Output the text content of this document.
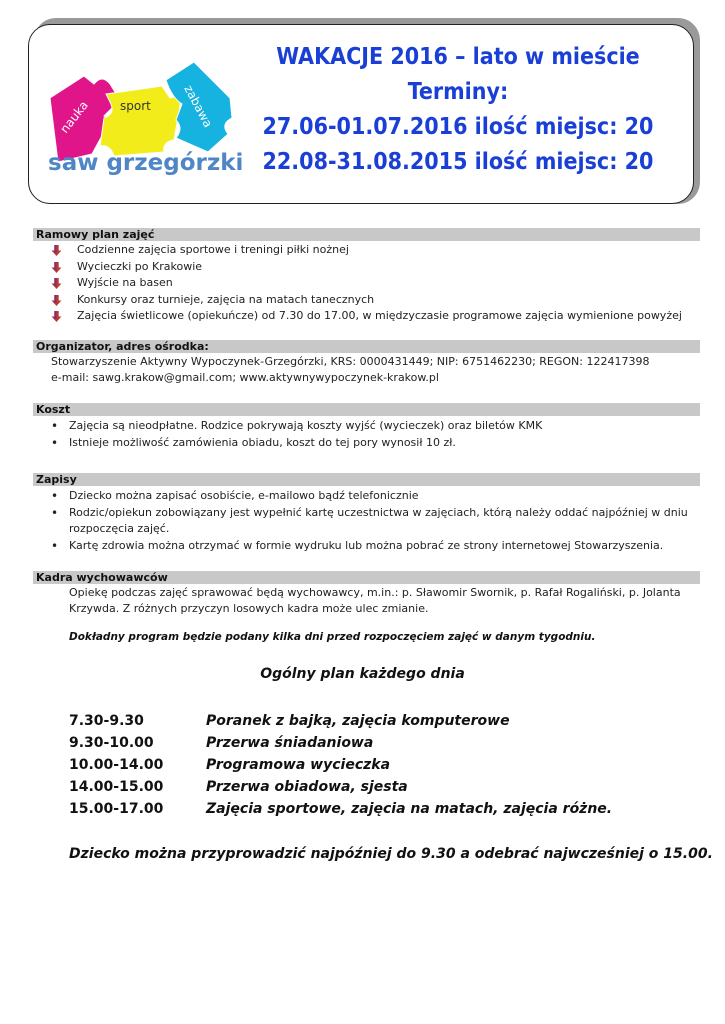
nauka sport	zabawa
saw grzegórzki
WAKACJE 2016 – lato w mieście
Terminy:
27.06-01.07.2016 ilość miejsc: 20
22.08-31.08.2015 ilość miejsc: 20
Ramowy plan zajęć
Codzienne zajęcia sportowe i treningi piłki nożnej
Wycieczki po Krakowie
Wyjście na basen
Konkursy oraz turnieje, zajęcia na matach tanecznych
Zajęcia świetlicowe (opiekuńcze) od 7.30 do 17.00, w międzyczasie programowe zajęcia wymienione powyżej
Organizator, adres ośrodka:
Stowarzyszenie Aktywny Wypoczynek-Grzegórzki, KRS: 0000431449; NIP: 6751462230; REGON: 122417398
e-mail: sawg.krakow@gmail.com; www.aktywnywypoczynek-krakow.pl
Koszt
• Zajęcia są nieodpłatne. Rodzice pokrywają koszty wyjść (wycieczek) oraz biletów KMK
• Istnieje możliwość zamówienia obiadu, koszt do tej pory wynosił 10 zł.
Zapisy
• Dziecko można zapisać osobiście, e-mailowo bądź telefonicznie
• Rodzic/opiekun zobowiązany jest wypełnić kartę uczestnictwa w zajęciach, którą należy oddać najpóźniej w dniu rozpoczęcia zajęć.
• Kartę zdrowia można otrzymać w formie wydruku lub można pobrać ze strony internetowej Stowarzyszenia.
Kadra wychowawców
Opiekę podczas zajęć sprawować będą wychowawcy, m.in.: p. Sławomir Swornik, p. Rafał Rogaliński, p. Jolanta Krzywda. Z różnych przyczyn losowych kadra może ulec zmianie.
Dokładny program będzie podany kilka dni przed rozpoczęciem zajęć w danym tygodniu.
Ogólny plan każdego dnia
7.30-9.30	Poranek z bajką, zajęcia komputerowe
9.30-10.00	Przerwa śniadaniowa
10.00-14.00	Programowa wycieczka
14.00-15.00	Przerwa obiadowa, sjesta
15.00-17.00	Zajęcia sportowe, zajęcia na matach, zajęcia różne.
Dziecko można przyprowadzić najpóźniej do 9.30 a odebrać najwcześniej o 15.00.
